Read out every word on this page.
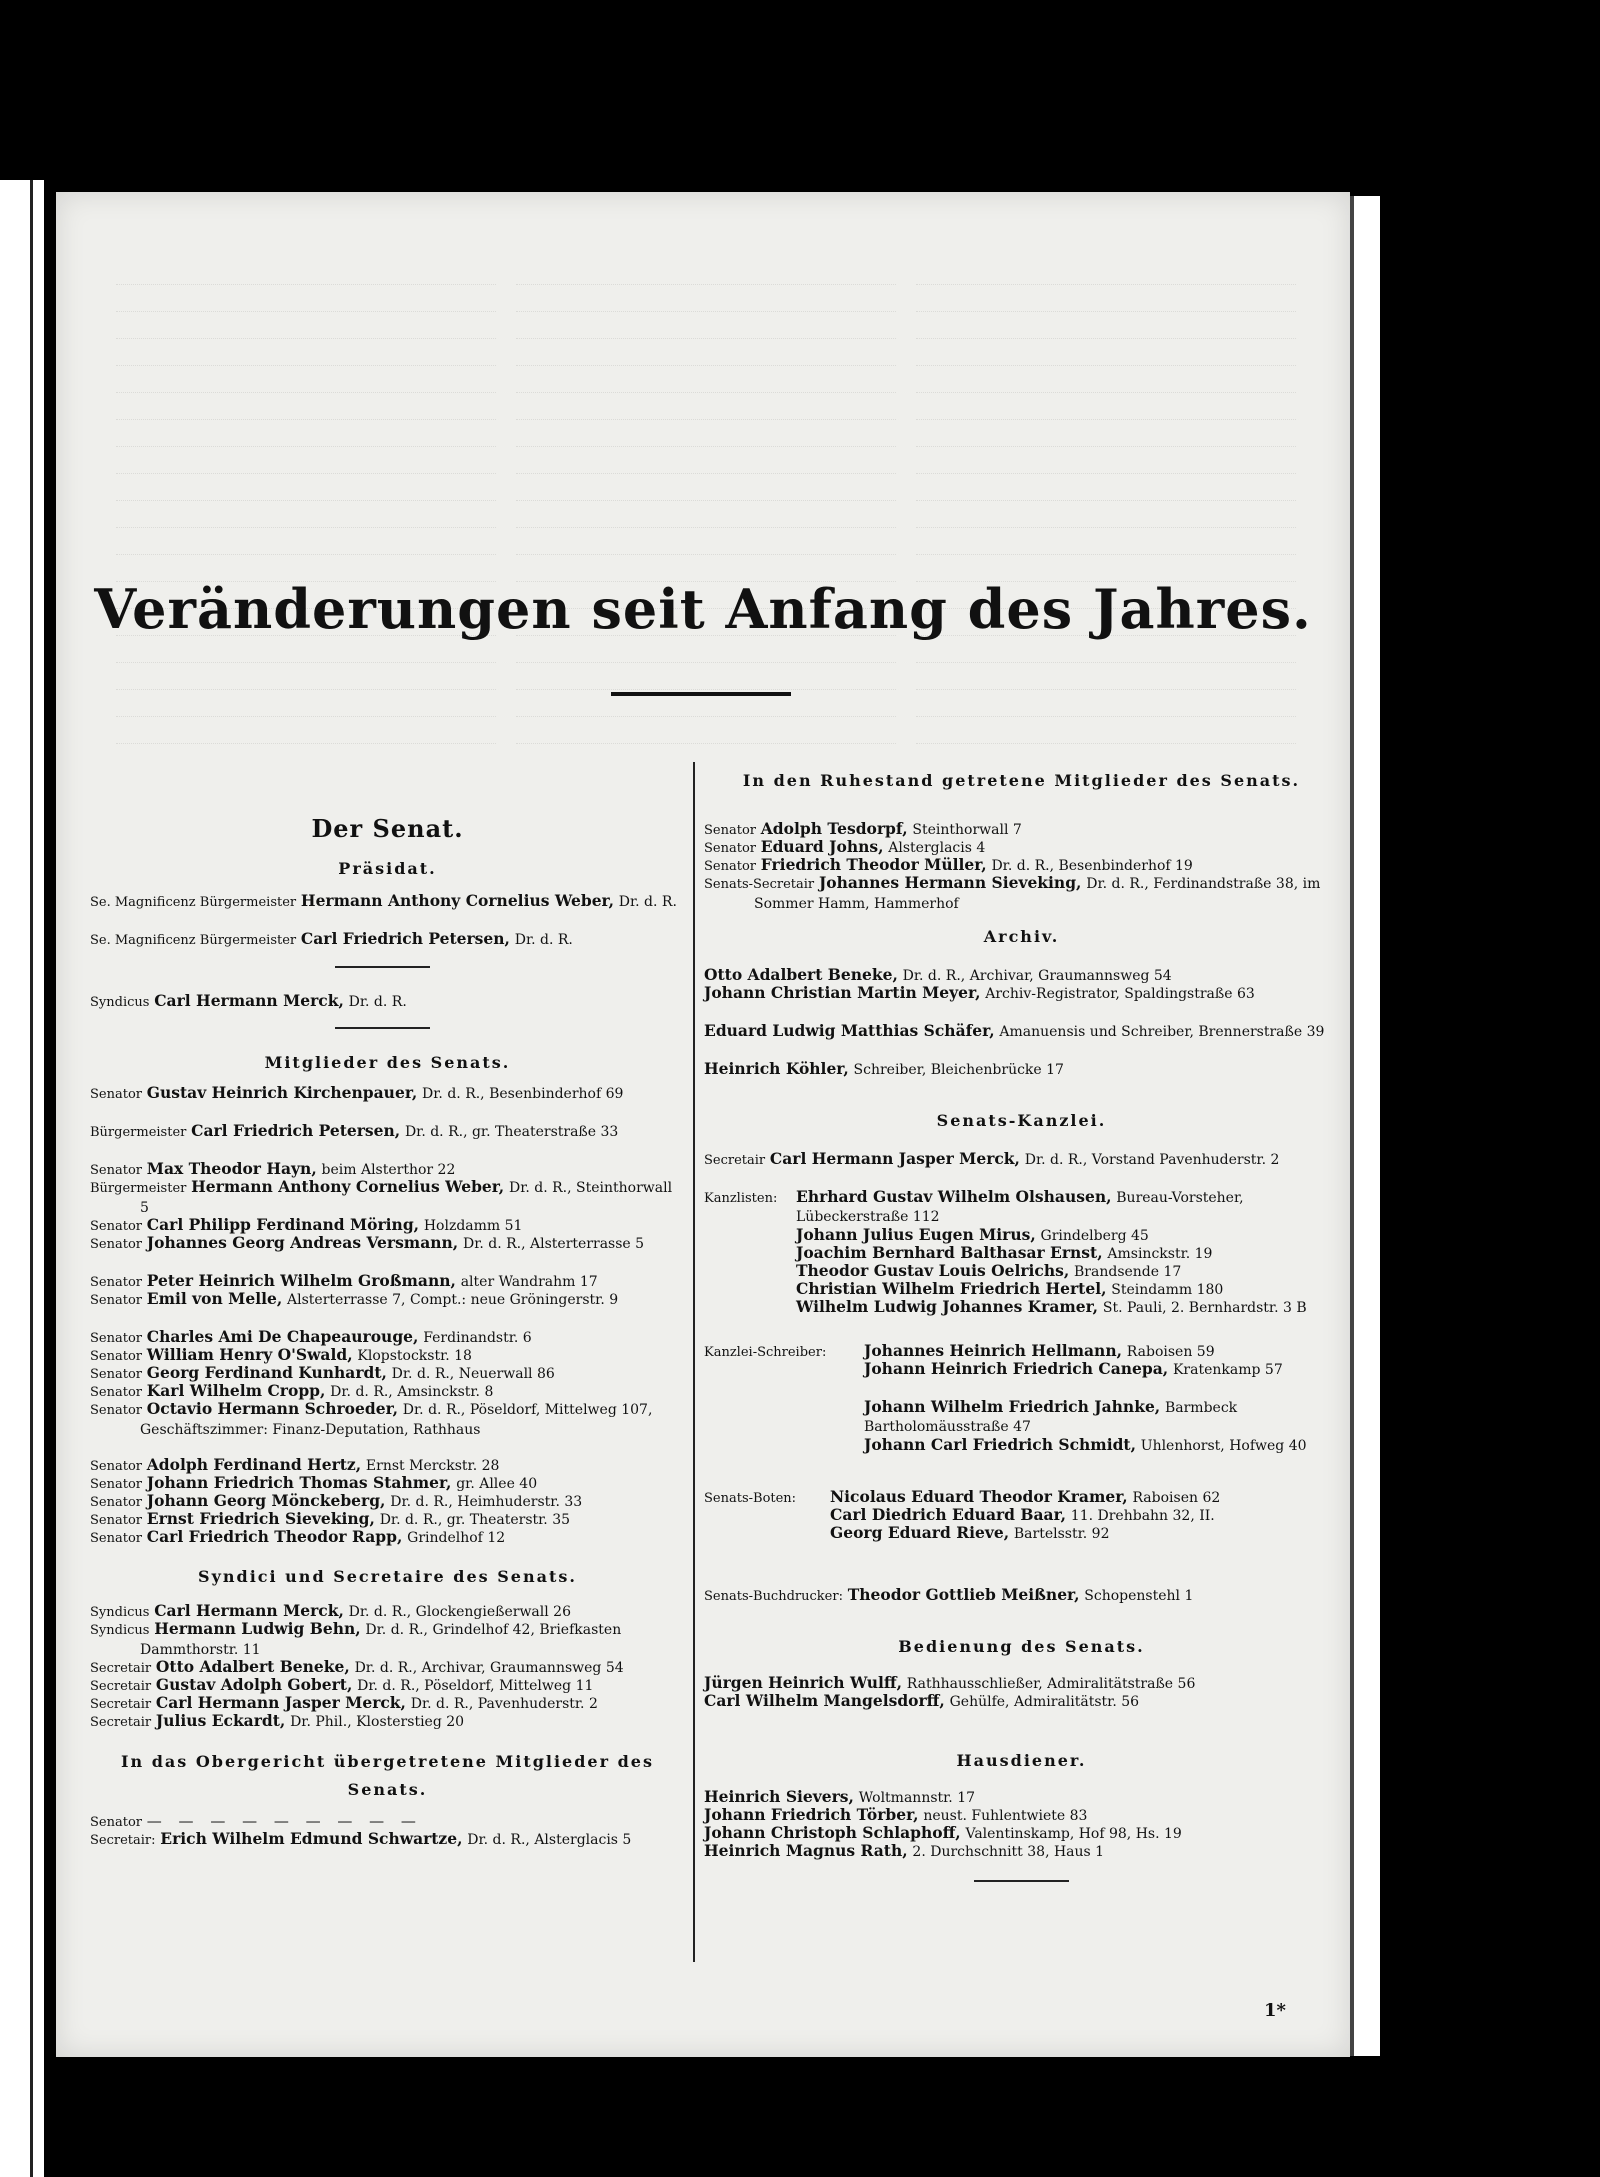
Veränderungen seit Anfang des Jahres.
Der Senat.
Präsidat.
Se. Magnificenz Bürgermeister Hermann Anthony Cornelius Weber, Dr. d. R.
Se. Magnificenz Bürgermeister Carl Friedrich Petersen, Dr. d. R.
Syndicus Carl Hermann Merck, Dr. d. R.
Mitglieder des Senats.
Senator Gustav Heinrich Kirchenpauer, Dr. d. R., Besenbinderhof 69
Bürgermeister Carl Friedrich Petersen, Dr. d. R., gr. Theaterstraße 33
Senator Max Theodor Hayn, beim Alsterthor 22
Bürgermeister Hermann Anthony Cornelius Weber, Dr. d. R., Steinthorwall 5
Senator Carl Philipp Ferdinand Möring, Holzdamm 51
Senator Johannes Georg Andreas Versmann, Dr. d. R., Alsterterrasse 5
Senator Peter Heinrich Wilhelm Großmann, alter Wandrahm 17
Senator Emil von Melle, Alsterterrasse 7, Compt.: neue Gröningerstr. 9
Senator Charles Ami De Chapeaurouge, Ferdinandstr. 6
Senator William Henry O'Swald, Klopstockstr. 18
Senator Georg Ferdinand Kunhardt, Dr. d. R., Neuerwall 86
Senator Karl Wilhelm Cropp, Dr. d. R., Amsinckstr. 8
Senator Octavio Hermann Schroeder, Dr. d. R., Pöseldorf, Mittelweg 107, Geschäftszimmer: Finanz-Deputation, Rathhaus
Senator Adolph Ferdinand Hertz, Ernst Merckstr. 28
Senator Johann Friedrich Thomas Stahmer, gr. Allee 40
Senator Johann Georg Mönckeberg, Dr. d. R., Heimhuderstr. 33
Senator Ernst Friedrich Sieveking, Dr. d. R., gr. Theaterstr. 35
Senator Carl Friedrich Theodor Rapp, Grindelhof 12
Syndici und Secretaire des Senats.
Syndicus Carl Hermann Merck, Dr. d. R., Glockengießerwall 26
Syndicus Hermann Ludwig Behn, Dr. d. R., Grindelhof 42, Briefkasten Dammthorstr. 11
Secretair Otto Adalbert Beneke, Dr. d. R., Archivar, Graumannsweg 54
Secretair Gustav Adolph Gobert, Dr. d. R., Pöseldorf, Mittelweg 11
Secretair Carl Hermann Jasper Merck, Dr. d. R., Pavenhuderstr. 2
Secretair Julius Eckardt, Dr. Phil., Klosterstieg 20
In das Obergericht übergetretene Mitglieder des Senats.
Senator — — — — — — — — —
Secretair: Erich Wilhelm Edmund Schwartze, Dr. d. R., Alsterglacis 5
In den Ruhestand getretene Mitglieder des Senats.
Senator Adolph Tesdorpf, Steinthorwall 7
Senator Eduard Johns, Alsterglacis 4
Senator Friedrich Theodor Müller, Dr. d. R., Besenbinderhof 19
Senats-Secretair Johannes Hermann Sieveking, Dr. d. R., Ferdinandstraße 38, im Sommer Hamm, Hammerhof
Archiv.
Otto Adalbert Beneke, Dr. d. R., Archivar, Graumannsweg 54
Johann Christian Martin Meyer, Archiv-Registrator, Spaldingstraße 63
Eduard Ludwig Matthias Schäfer, Amanuensis und Schreiber, Brennerstraße 39
Heinrich Köhler, Schreiber, Bleichenbrücke 17
Senats-Kanzlei.
Secretair Carl Hermann Jasper Merck, Dr. d. R., Vorstand Pavenhuderstr. 2
Kanzlisten:	Ehrhard Gustav Wilhelm Olshausen, Bureau-Vorsteher, Lübeckerstraße 112
Johann Julius Eugen Mirus, Grindelberg 45
Joachim Bernhard Balthasar Ernst, Amsinckstr. 19
Theodor Gustav Louis Oelrichs, Brandsende 17
Christian Wilhelm Friedrich Hertel, Steindamm 180
Wilhelm Ludwig Johannes Kramer, St. Pauli, 2. Bernhardstr. 3 B
Kanzlei-Schreiber:	Johannes Heinrich Hellmann, Raboisen 59
Johann Heinrich Friedrich Canepa, Kratenkamp 57
Johann Wilhelm Friedrich Jahnke, Barmbeck Bartholomäusstraße 47
Johann Carl Friedrich Schmidt, Uhlenhorst, Hofweg 40
Senats-Boten:	Nicolaus Eduard Theodor Kramer, Raboisen 62
Carl Diedrich Eduard Baar, 11. Drehbahn 32, II.
Georg Eduard Rieve, Bartelsstr. 92
Senats-Buchdrucker: Theodor Gottlieb Meißner, Schopenstehl 1
Bedienung des Senats.
Jürgen Heinrich Wulff, Rathhausschließer, Admiralitätstraße 56
Carl Wilhelm Mangelsdorff, Gehülfe, Admiralitätstr. 56
Hausdiener.
Heinrich Sievers, Woltmannstr. 17
Johann Friedrich Törber, neust. Fuhlentwiete 83
Johann Christoph Schlaphoff, Valentinskamp, Hof 98, Hs. 19
Heinrich Magnus Rath, 2. Durchschnitt 38, Haus 1
1*
